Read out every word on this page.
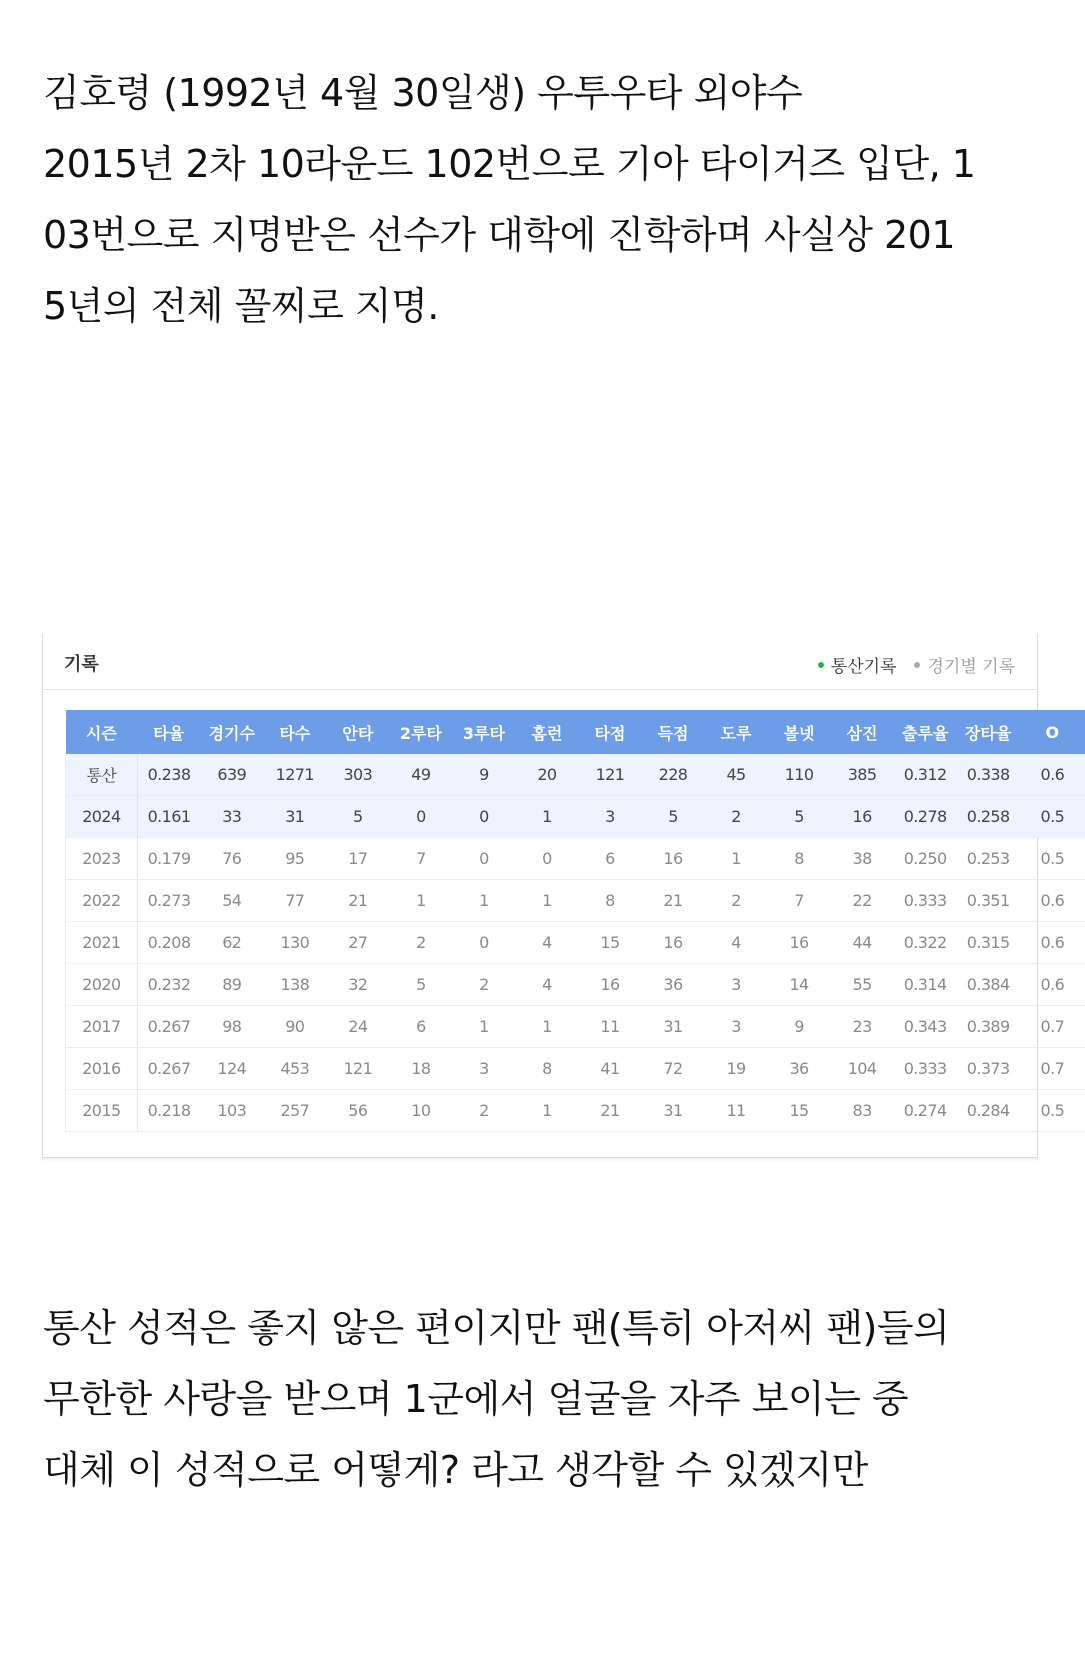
김호령 (1992년 4월 30일생) 우투우타 외야수
2015년 2차 10라운드 102번으로 기아 타이거즈 입단, 1
03번으로 지명받은 선수가 대학에 진학하며 사실상 201
5년의 전체 꼴찌로 지명.
기록	통산기록 경기별 기록
시즌	타율	경기수	타수	안타	2루타	3루타	홈런	타점	득점	도루	볼넷	삼진	출루율	장타율	O
통산	0.238	639	1271	303	49	9	20	121	228	45	110	385	0.312	0.338	0.6
2024	0.161	33	31	5	0	0	1	3	5	2	5	16	0.278	0.258	0.5
2023	0.179	76	95	17	7	0	0	6	16	1	8	38	0.250	0.253	0.5
2022	0.273	54	77	21	1	1	1	8	21	2	7	22	0.333	0.351	0.6
2021	0.208	62	130	27	2	0	4	15	16	4	16	44	0.322	0.315	0.6
2020	0.232	89	138	32	5	2	4	16	36	3	14	55	0.314	0.384	0.6
2017	0.267	98	90	24	6	1	1	11	31	3	9	23	0.343	0.389	0.7
2016	0.267	124	453	121	18	3	8	41	72	19	36	104	0.333	0.373	0.7
2015	0.218	103	257	56	10	2	1	21	31	11	15	83	0.274	0.284	0.5
통산 성적은 좋지 않은 편이지만 팬(특히 아저씨 팬)들의
무한한 사랑을 받으며 1군에서 얼굴을 자주 보이는 중
대체 이 성적으로 어떻게? 라고 생각할 수 있겠지만
